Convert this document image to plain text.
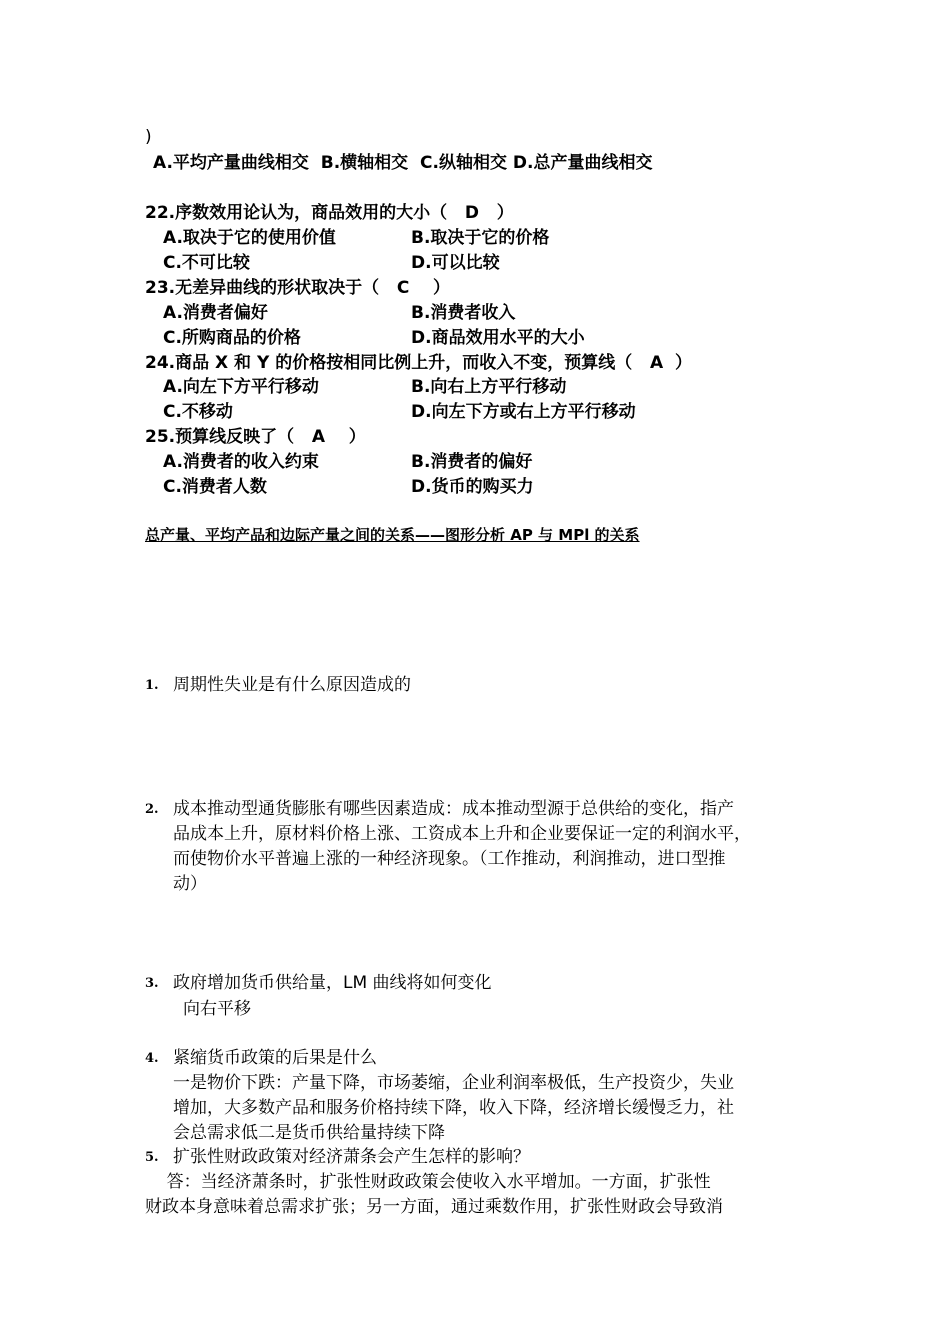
)
A.平均产量曲线相交  B.横轴相交  C.纵轴相交 D.总产量曲线相交
22.序数效用论认为，商品效用的大小（   D   ）
A.取决于它的使用价值	B.取决于它的价格
C.不可比较	D.可以比较
23.无差异曲线的形状取决于（   C    ）
A.消费者偏好	B.消费者收入
C.所购商品的价格	D.商品效用水平的大小
24.商品 X 和 Y 的价格按相同比例上升，而收入不变，预算线（   A  ）
A.向左下方平行移动	B.向右上方平行移动
C.不移动	D.向左下方或右上方平行移动
25.预算线反映了（   A    ）
A.消费者的收入约束	B.消费者的偏好
C.消费者人数	D.货币的购买力
总产量、平均产品和边际产量之间的关系——图形分析 AP 与 MPl 的关系
1. 周期性失业是有什么原因造成的
2. 成本推动型通货膨胀有哪些因素造成：成本推动型源于总供给的变化，指产
品成本上升，原材料价格上涨、工资成本上升和企业要保证一定的利润水平，
而使物价水平普遍上涨的一种经济现象。（工作推动，利润推动，进口型推
动）
3. 政府增加货币供给量，LM 曲线将如何变化
向右平移
4. 紧缩货币政策的后果是什么
一是物价下跌：产量下降，市场萎缩，企业利润率极低，生产投资少，失业
增加，大多数产品和服务价格持续下降，收入下降，经济增长缓慢乏力，社
会总需求低二是货币供给量持续下降
5. 扩张性财政政策对经济萧条会产生怎样的影响？
答：当经济萧条时，扩张性财政政策会使收入水平增加。一方面，扩张性
财政本身意味着总需求扩张；另一方面，通过乘数作用，扩张性财政会导致消
